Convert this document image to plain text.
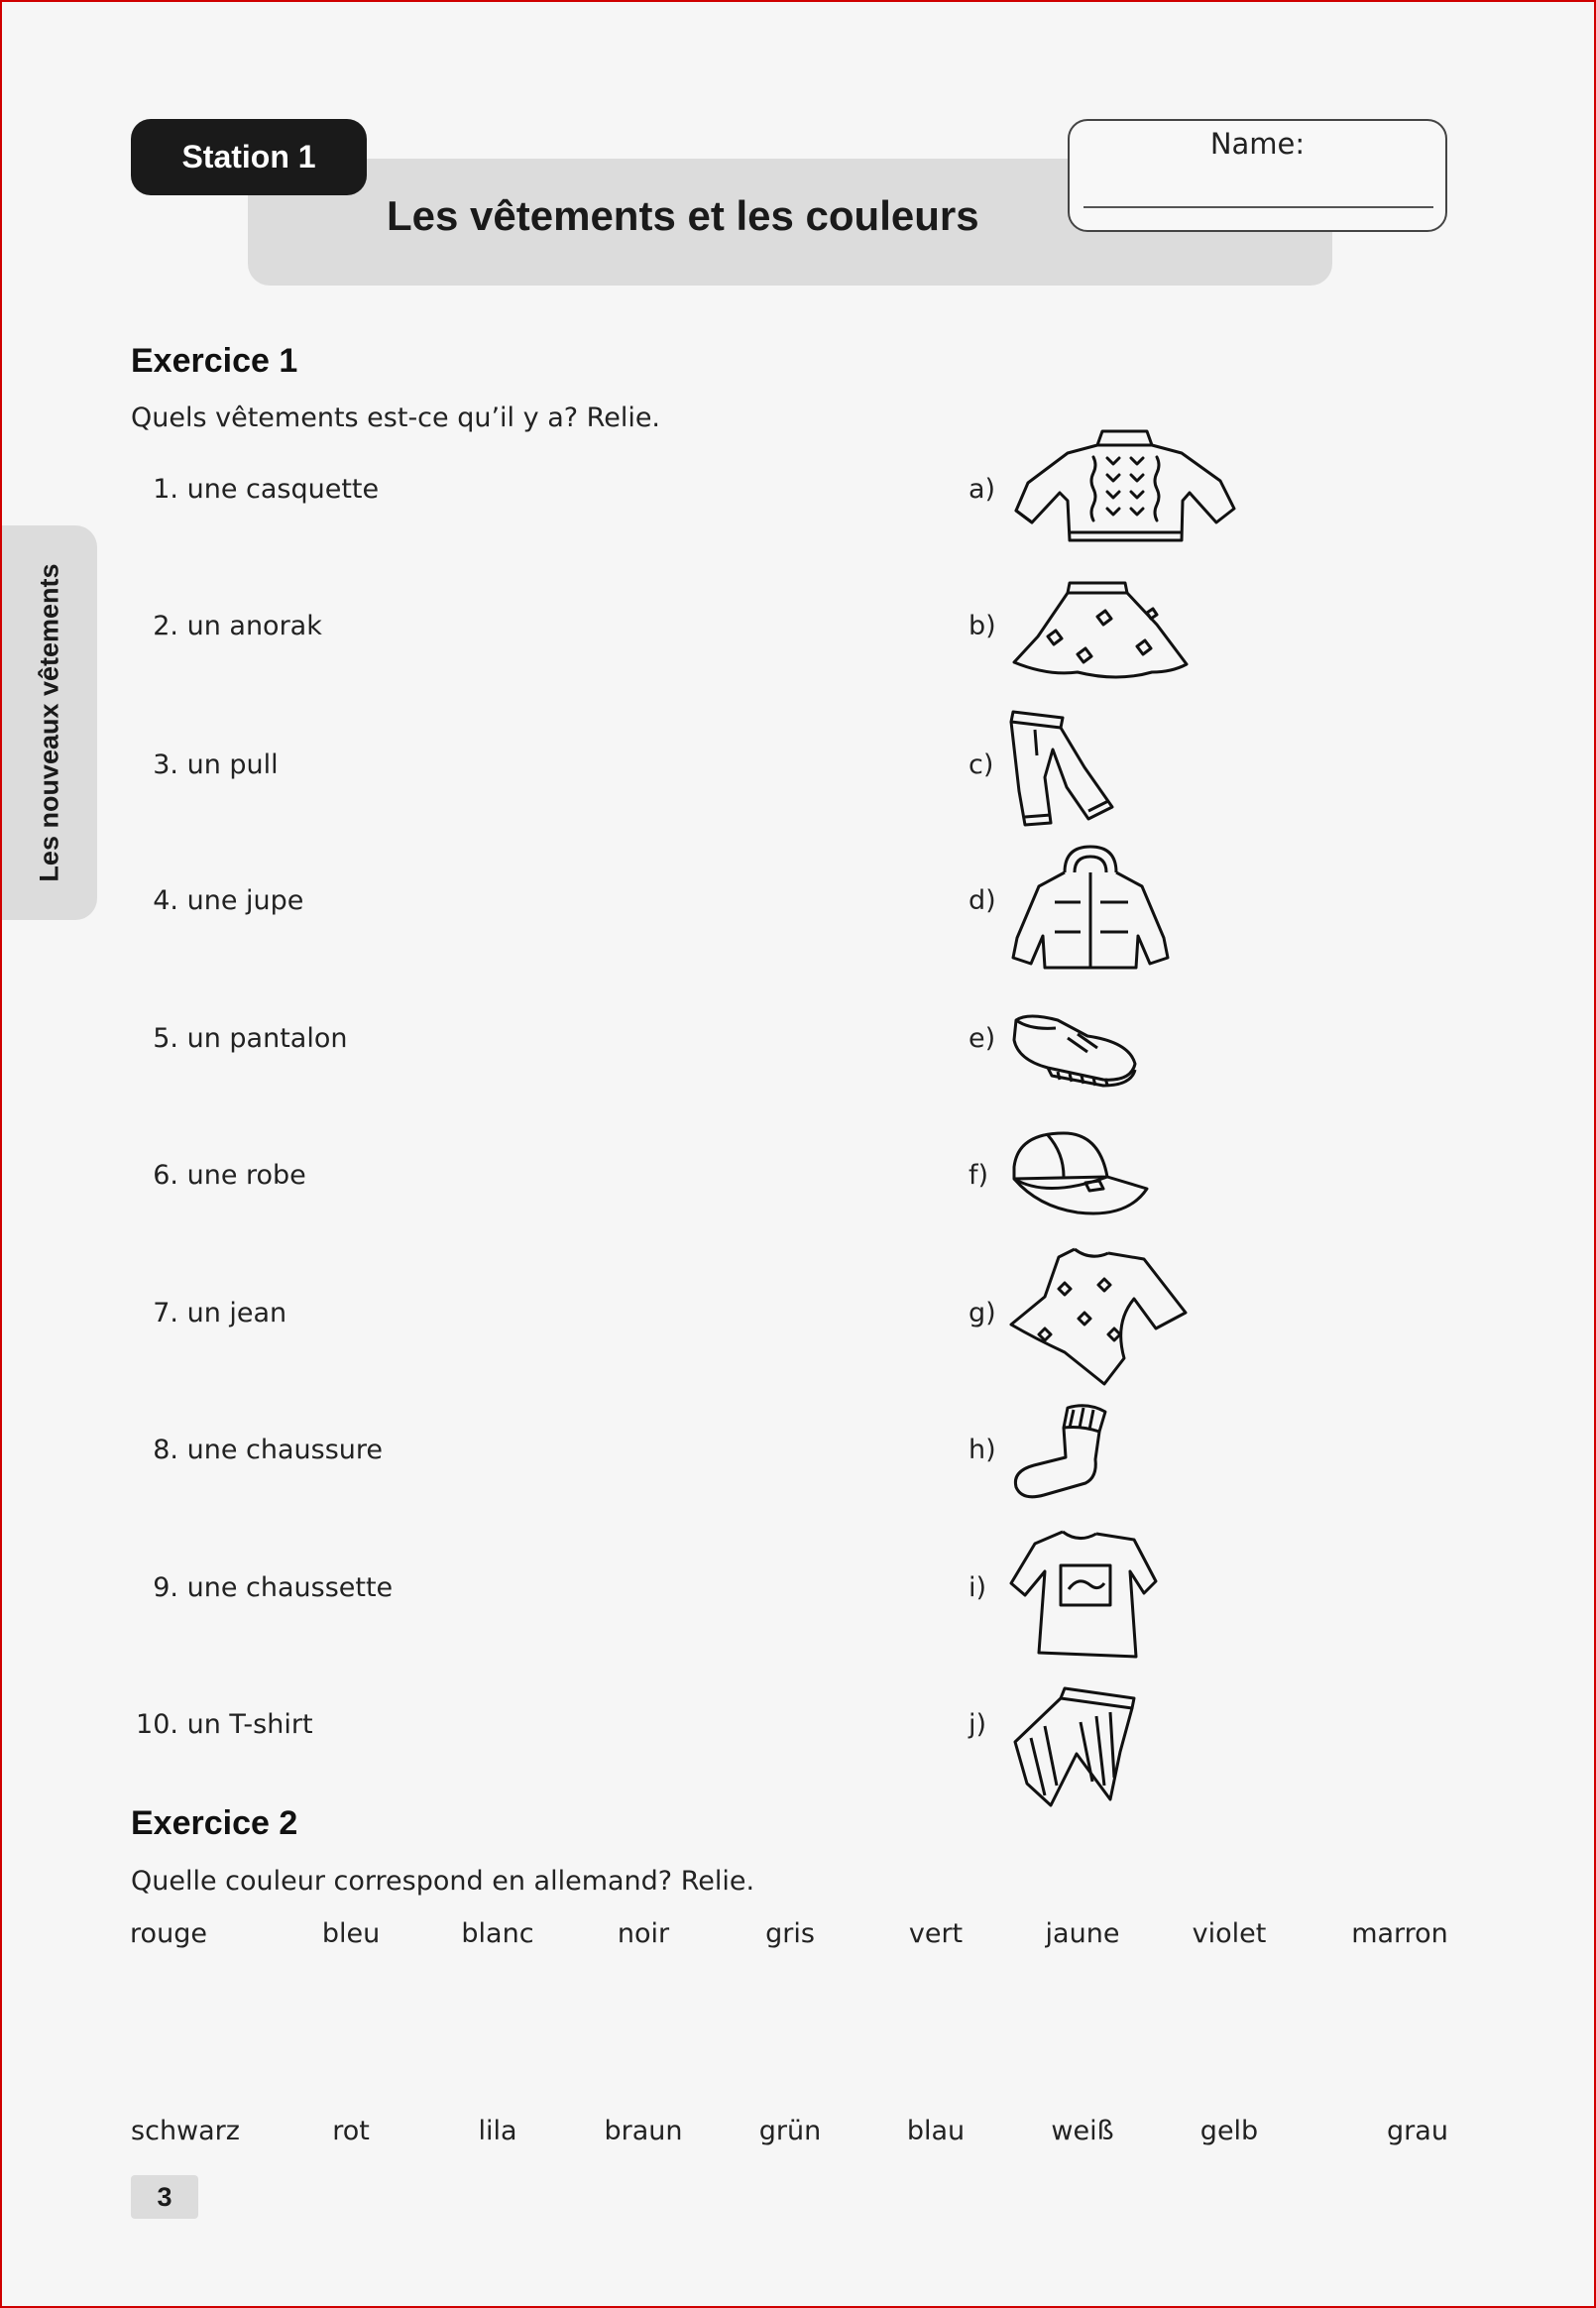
Station 1
Les vêtements et les couleurs
Name:
Les nouveaux vêtements
Exercice 1
Quels vêtements est-ce qu’il y a? Relie.
1. une casquette
2. un anorak
3. un pull
4. une jupe
5. un pantalon
6. une robe
7. un jean
8. une chaussure
9. une chaussette
10. un T-shirt
a)
b)
c)
d)
e)
f)
g)
h)
i)
j)
Exercice 2
Quelle couleur correspond en allemand? Relie.
rouge	bleu	blanc	noir	gris	vert	jaune	violet	marron
schwarz	rot	lila	braun	grün	blau	weiß	gelb	grau
3
